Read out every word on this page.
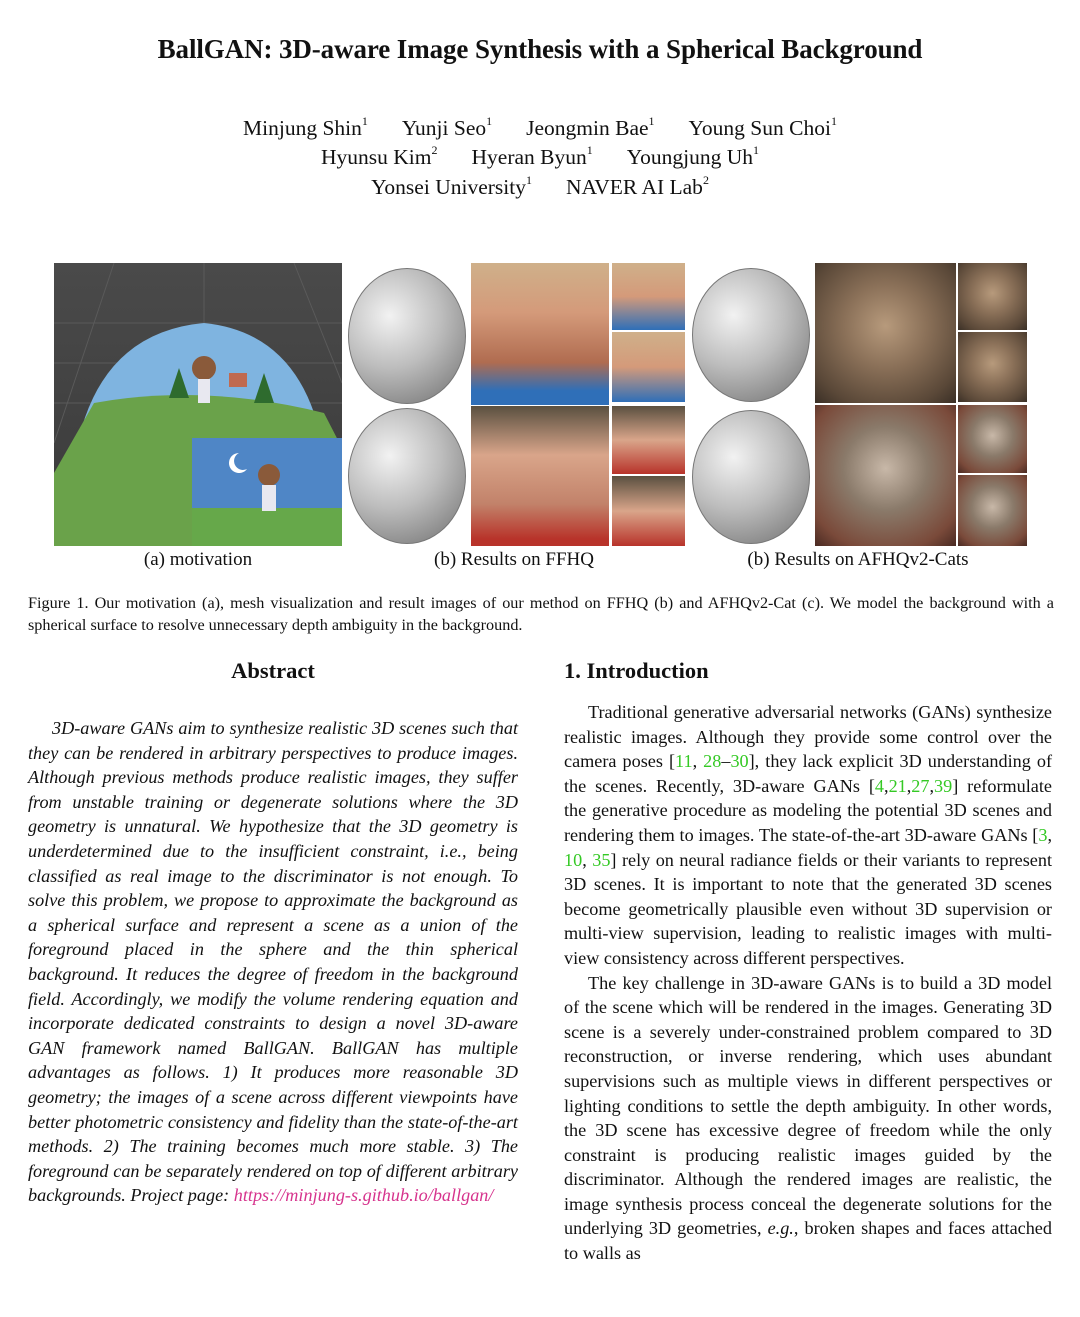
BallGAN: 3D-aware Image Synthesis with a Spherical Background
Minjung Shin$^1$ Yunji Seo$^1$ Jeongmin Bae$^1$ Young Sun Choi$^1$
Hyunsu Kim$^2$ Hyeran Byun$^1$ Youngjung Uh$^1$
Yonsei University$^1$ NAVER AI Lab$^2$
(a) motivation	(b) Results on FFHQ	(b) Results on AFHQv2-Cats
Figure 1. Our motivation (a), mesh visualization and result images of our method on FFHQ (b) and AFHQv2-Cat (c). We model the background with a spherical surface to resolve unnecessary depth ambiguity in the background.
Abstract

3D-aware GANs aim to synthesize realistic 3D scenes such that they can be rendered in arbitrary perspectives to produce images. Although previous methods produce realistic images, they suffer from unstable training or degenerate solutions where the 3D geometry is unnatural. We hypothesize that the 3D geometry is underdetermined due to the insufficient constraint, i.e., being classified as real image to the discriminator is not enough. To solve this problem, we propose to approximate the background as a spherical surface and represent a scene as a union of the foreground placed in the sphere and the thin spherical background. It reduces the degree of freedom in the background field. Accordingly, we modify the volume rendering equation and incorporate dedicated constraints to design a novel 3D-aware GAN framework named BallGAN. BallGAN has multiple advantages as follows. 1) It produces more reasonable 3D geometry; the images of a scene across different viewpoints have better photometric consistency and fidelity than the state-of-the-art methods. 2) The training becomes much more stable. 3) The foreground can be separately rendered on top of different arbitrary backgrounds. Project page: https://minjung-s.github.io/ballgan/

1. Introduction

Traditional generative adversarial networks (GANs) synthesize realistic images. Although they provide some control over the camera poses [11, 28–30], they lack explicit 3D understanding of the scenes. Recently, 3D-aware GANs [4,21,27,39] reformulate the generative procedure as modeling the potential 3D scenes and rendering them to images. The state-of-the-art 3D-aware GANs [3, 10, 35] rely on neural radiance fields or their variants to represent 3D scenes. It is important to note that the generated 3D scenes become geometrically plausible even without 3D supervision or multi-view supervision, leading to realistic images with multi-view consistency across different perspectives.

The key challenge in 3D-aware GANs is to build a 3D model of the scene which will be rendered in the images. Generating 3D scene is a severely under-constrained problem compared to 3D reconstruction, or inverse rendering, which uses abundant supervisions such as multiple views in different perspectives or lighting conditions to settle the depth ambiguity. In other words, the 3D scene has excessive degree of freedom while the only constraint is producing realistic images guided by the discriminator. Although the rendered images are realistic, the image synthesis process conceal the degenerate solutions for the underlying 3D geometries, e.g., broken shapes and faces attached to walls as
